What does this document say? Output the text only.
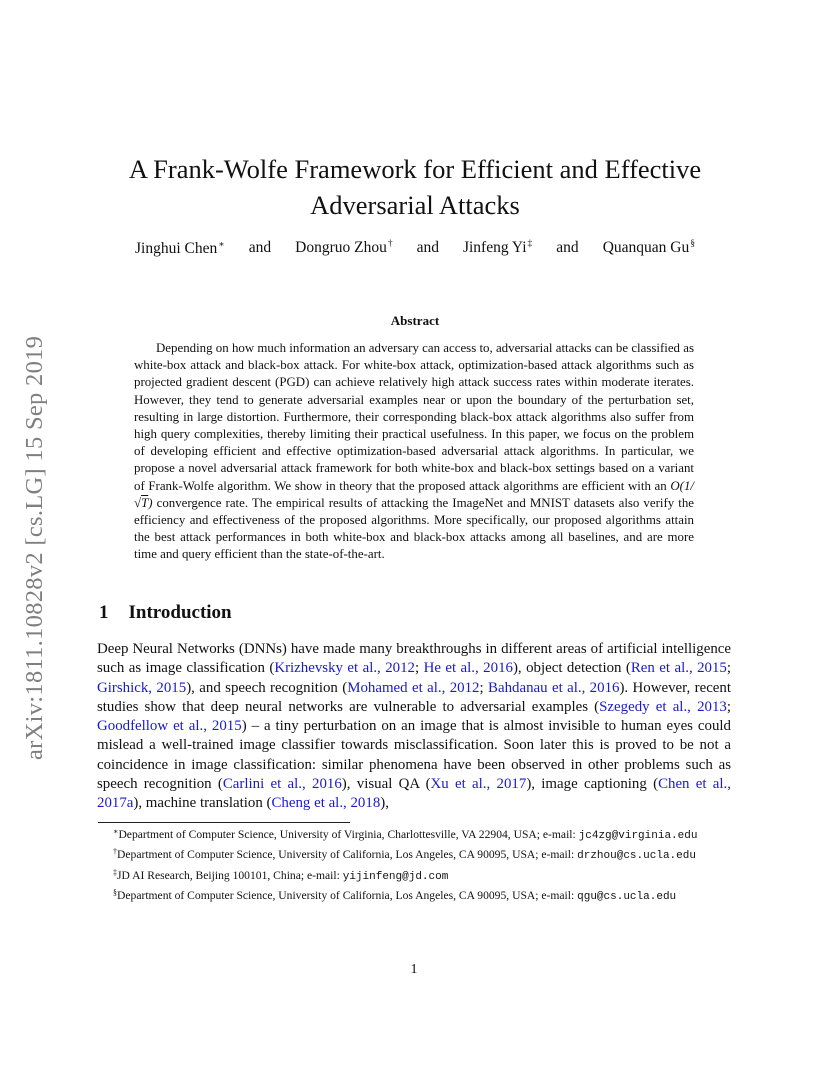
arXiv:1811.10828v2 [cs.LG] 15 Sep 2019
A Frank-Wolfe Framework for Efficient and Effective
Adversarial Attacks
Jinghui Chen∗ and Dongruo Zhou† and Jinfeng Yi‡ and Quanquan Gu§
Abstract

Depending on how much information an adversary can access to, adversarial attacks can be classified as white-box attack and black-box attack. For white-box attack, optimization-based attack algorithms such as projected gradient descent (PGD) can achieve relatively high attack success rates within moderate iterates. However, they tend to generate adversarial examples near or upon the boundary of the perturbation set, resulting in large distortion. Furthermore, their corresponding black-box attack algorithms also suffer from high query complexities, thereby limiting their practical usefulness. In this paper, we focus on the problem of developing efficient and effective optimization-based adversarial attack algorithms. In particular, we propose a novel adversarial attack framework for both white-box and black-box settings based on a variant of Frank-Wolfe algorithm. We show in theory that the proposed attack algorithms are efficient with an O(1/√T) convergence rate. The empirical results of attacking the ImageNet and MNIST datasets also verify the efficiency and effectiveness of the proposed algorithms. More specifically, our proposed algorithms attain the best attack performances in both white-box and black-box attacks among all baselines, and are more time and query efficient than the state-of-the-art.

1 Introduction

Deep Neural Networks (DNNs) have made many breakthroughs in different areas of artificial intelligence such as image classification (Krizhevsky et al., 2012; He et al., 2016), object detection (Ren et al., 2015; Girshick, 2015), and speech recognition (Mohamed et al., 2012; Bahdanau et al., 2016). However, recent studies show that deep neural networks are vulnerable to adversarial examples (Szegedy et al., 2013; Goodfellow et al., 2015) – a tiny perturbation on an image that is almost invisible to human eyes could mislead a well-trained image classifier towards misclassification. Soon later this is proved to be not a coincidence in image classification: similar phenomena have been observed in other problems such as speech recognition (Carlini et al., 2016), visual QA (Xu et al., 2017), image captioning (Chen et al., 2017a), machine translation (Cheng et al., 2018),

∗Department of Computer Science, University of Virginia, Charlottesville, VA 22904, USA; e-mail: jc4zg@virginia.edu
†Department of Computer Science, University of California, Los Angeles, CA 90095, USA; e-mail: drzhou@cs.ucla.edu
‡JD AI Research, Beijing 100101, China; e-mail: yijinfeng@jd.com
§Department of Computer Science, University of California, Los Angeles, CA 90095, USA; e-mail: qgu@cs.ucla.edu
1
